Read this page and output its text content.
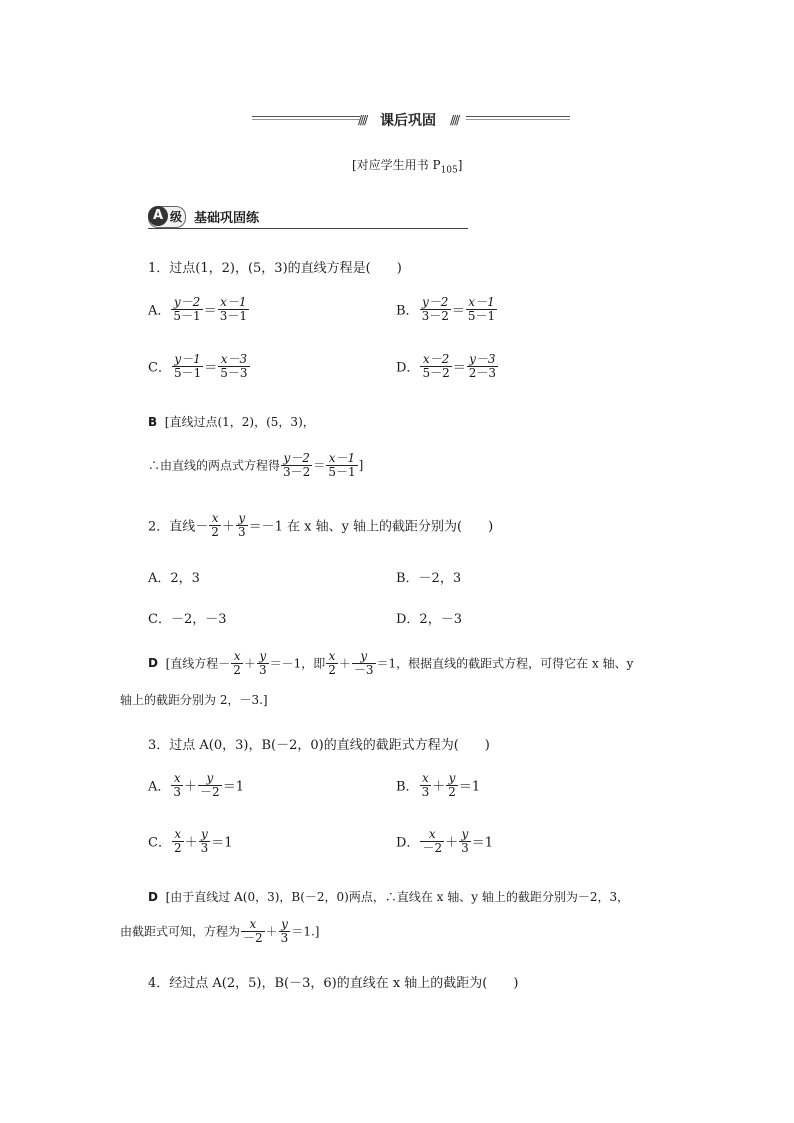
//// 课后巩固 ////
[对应学生用书 $P_{105}$]
A 级 基础巩固练
1．过点(1，2)，(5，3)的直线方程是(　　)
A． $\frac{y-2}{5-1} = \frac{x-1}{3-1}$	B． $\frac{y-2}{3-2} = \frac{x-1}{5-1}$
C． $\frac{y-1}{5-1} = \frac{x-3}{5-3}$	D． $\frac{x-2}{5-2} = \frac{y-3}{2-3}$
B [直线过点(1，2)，(5，3)，
∴由直线的两点式方程得 $\frac{y-2}{3-2} = \frac{x-1}{5-1}$ ]
2．直线－ $\frac{x}{2} + \frac{y}{3} =-1$ 在 x 轴、y 轴上的截距分别为(　　)
A．2，3	B．－2，3
C．－2，－3	D．2，－3
D [直线方程－ $\frac{x}{2} + \frac{y}{3} =-1$，即 $\frac{x}{2} + \frac{y}{-3} =1$，根据直线的截距式方程，可得它在 x 轴、y
轴上的截距分别为 2，－3.]
3．过点 A(0，3)，B(－2，0)的直线的截距式方程为(　　)
A． $\frac{x}{3} + \frac{y}{-2} =1$	B． $\frac{x}{3} + \frac{y}{2} =1$
C． $\frac{x}{2} + \frac{y}{3} =1$	D． $\frac{x}{-2} + \frac{y}{3} =1$
D [由于直线过 A(0，3)，B(－2，0)两点，∴直线在 x 轴、y 轴上的截距分别为－2，3，
由截距式可知，方程为 $\frac{x}{-2} + \frac{y}{3} =1$.]
4．经过点 A(2，5)，B(－3，6)的直线在 x 轴上的截距为(　　)
